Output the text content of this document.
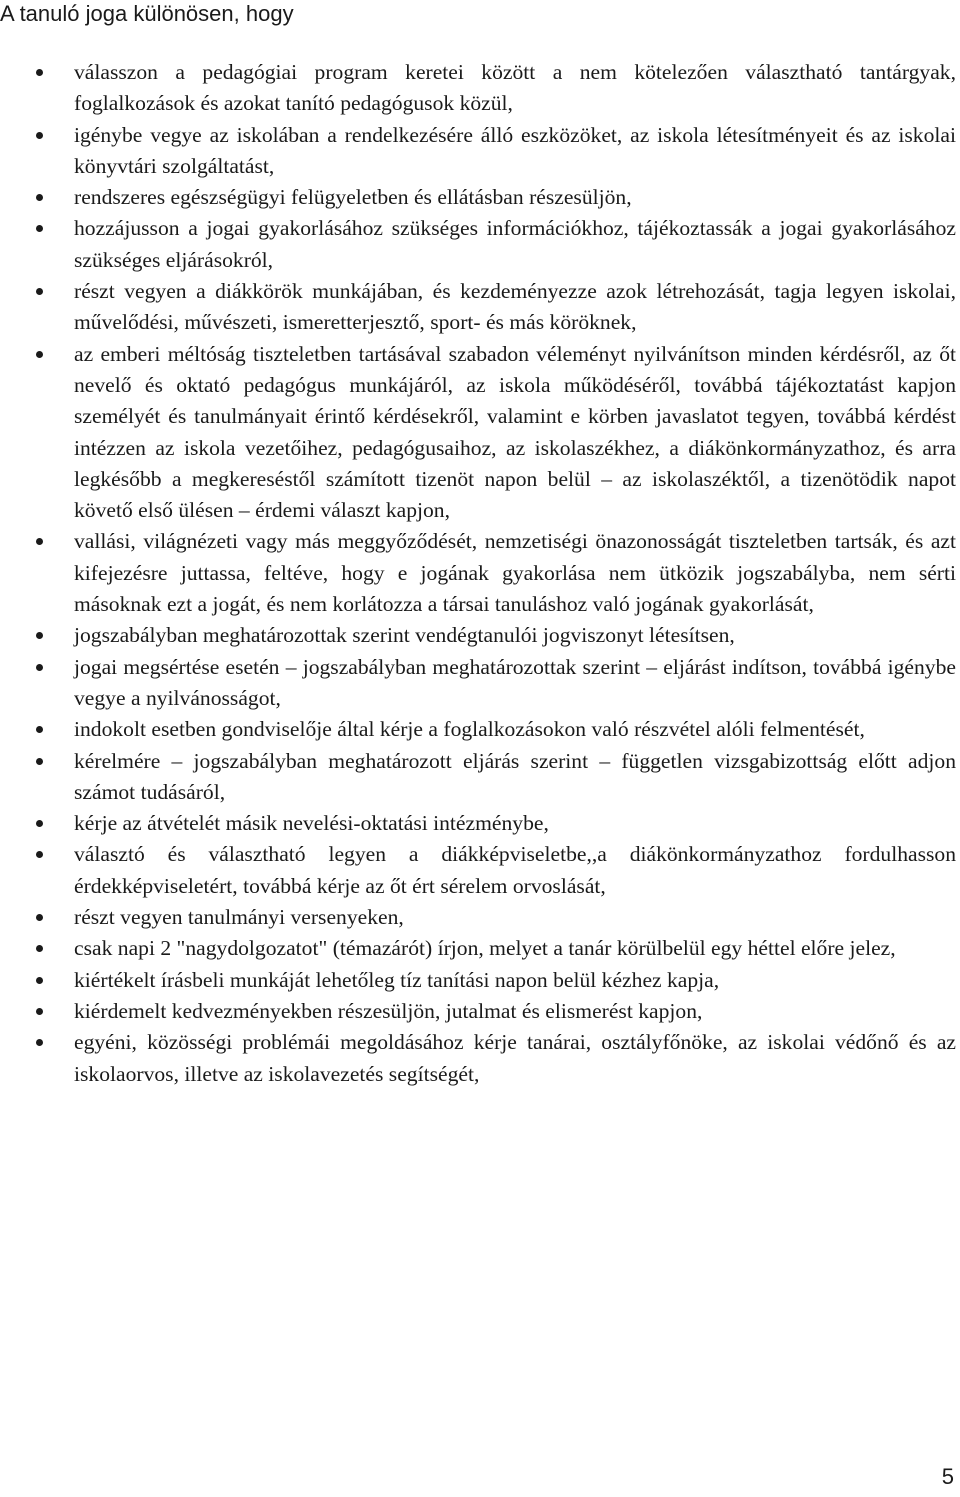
A tanuló joga különösen, hogy
válasszon a pedagógiai program keretei között a nem kötelezően választható tantárgyak, foglalkozások és azokat tanító pedagógusok közül,
igénybe vegye az iskolában a rendelkezésére álló eszközöket, az iskola létesítményeit és az iskolai könyvtári szolgáltatást,
rendszeres egészségügyi felügyeletben és ellátásban részesüljön,
hozzájusson a jogai gyakorlásához szükséges információkhoz, tájékoztassák a jogai gyakorlásához szükséges eljárásokról,
részt vegyen a diákkörök munkájában, és kezdeményezze azok létrehozását, tagja legyen iskolai, művelődési, művészeti, ismeretterjesztő, sport- és más köröknek,
az emberi méltóság tiszteletben tartásával szabadon véleményt nyilvánítson minden kérdésről, az őt nevelő és oktató pedagógus munkájáról, az iskola működéséről, továbbá tájékoztatást kapjon személyét és tanulmányait érintő kérdésekről, valamint e körben javaslatot tegyen, továbbá kérdést intézzen az iskola vezetőihez, pedagógusaihoz, az iskolaszékhez, a diákönkormányzathoz, és arra legkésőbb a megkereséstől számított tizenöt napon belül – az iskolaszéktől, a tizenötödik napot követő első ülésen – érdemi választ kapjon,
vallási, világnézeti vagy más meggyőződését, nemzetiségi önazonosságát tiszteletben tartsák, és azt kifejezésre juttassa, feltéve, hogy e jogának gyakorlása nem ütközik jogszabályba, nem sérti másoknak ezt a jogát, és nem korlátozza a társai tanuláshoz való jogának gyakorlását,
jogszabályban meghatározottak szerint vendégtanulói jogviszonyt létesítsen,
jogai megsértése esetén – jogszabályban meghatározottak szerint – eljárást indítson, továbbá igénybe vegye a nyilvánosságot,
indokolt esetben gondviselője által kérje a foglalkozásokon való részvétel alóli felmentését,
kérelmére – jogszabályban meghatározott eljárás szerint – független vizsgabizottság előtt adjon számot tudásáról,
kérje az átvételét másik nevelési-oktatási intézménybe,
választó és választható legyen a diákképviseletbe,,a diákönkormányzathoz fordulhasson érdekképviseletért, továbbá kérje az őt ért sérelem orvoslását,
részt vegyen tanulmányi versenyeken,
csak napi 2 "nagydolgozatot" (témazárót) írjon, melyet a tanár körülbelül egy héttel előre jelez,
kiértékelt írásbeli munkáját lehetőleg tíz tanítási napon belül kézhez kapja,
kiérdemelt kedvezményekben részesüljön, jutalmat és elismerést kapjon,
egyéni, közösségi problémái megoldásához kérje tanárai, osztályfőnöke, az iskolai védőnő és az iskolaorvos, illetve az iskolavezetés segítségét,
5
